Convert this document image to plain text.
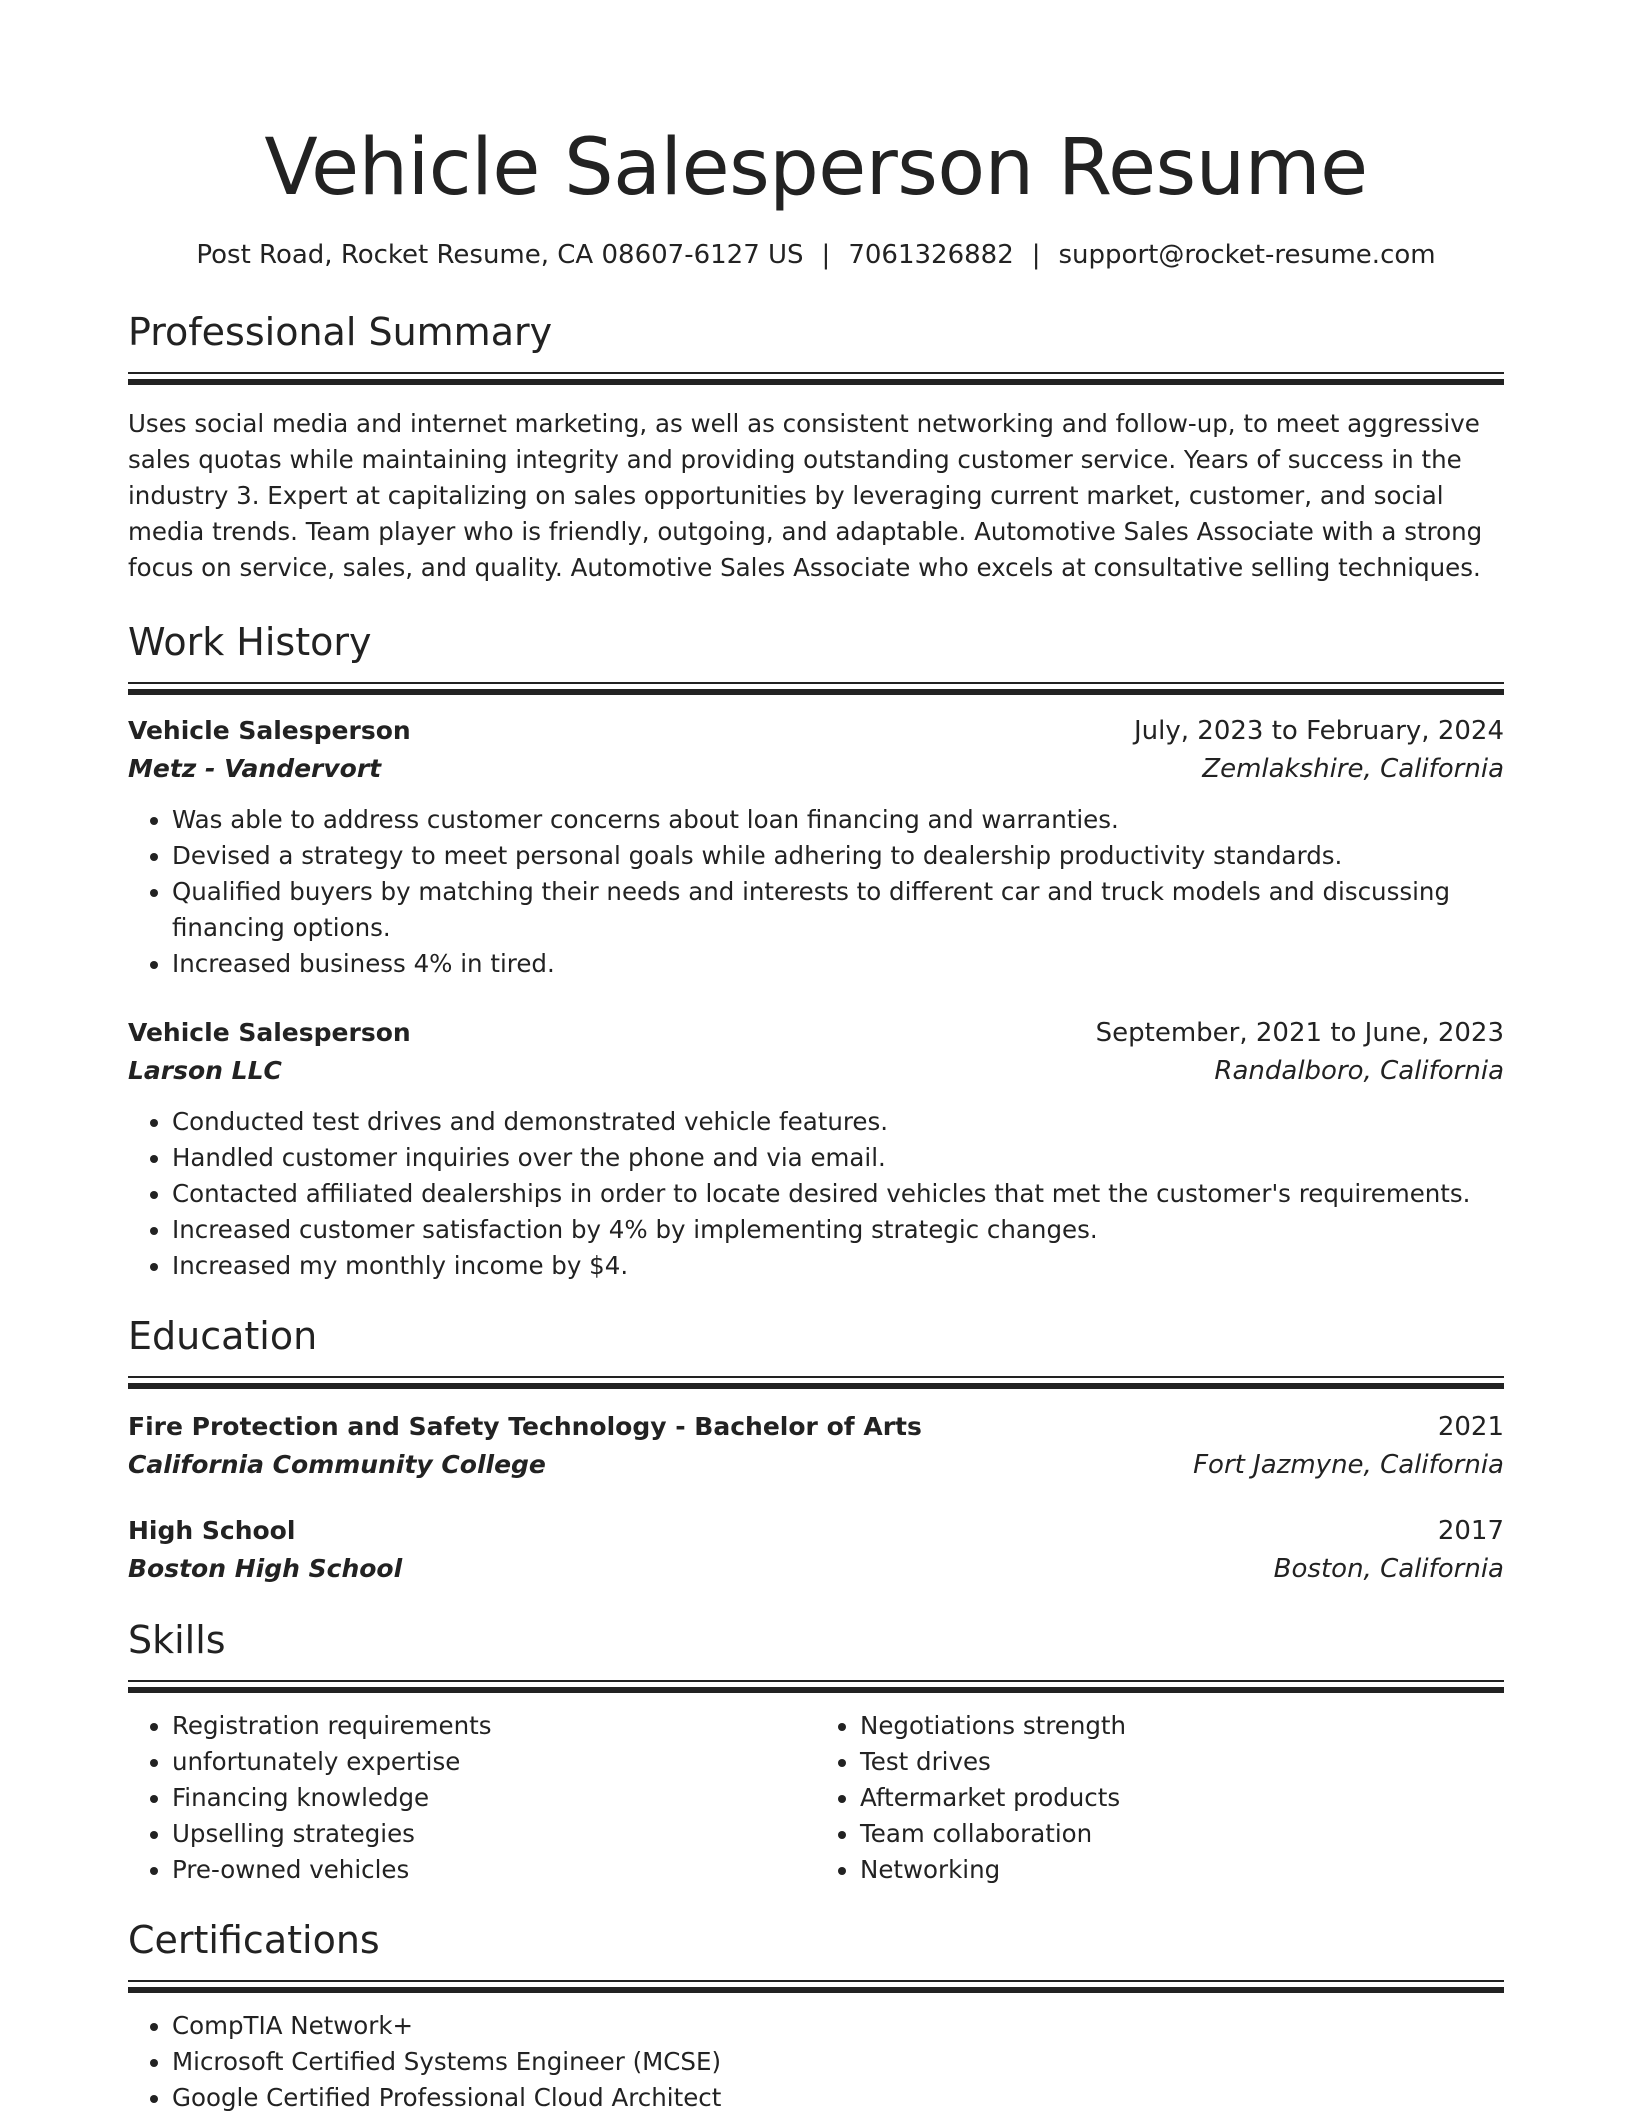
Vehicle Salesperson Resume
Post Road, Rocket Resume, CA 08607-6127 US | 7061326882 | support@rocket-resume.com
Professional Summary

Uses social media and internet marketing, as well as consistent networking and follow-up, to meet aggressive sales quotas while maintaining integrity and providing outstanding customer service. Years of success in the industry 3. Expert at capitalizing on sales opportunities by leveraging current market, customer, and social media trends. Team player who is friendly, outgoing, and adaptable. Automotive Sales Associate with a strong focus on service, sales, and quality. Automotive Sales Associate who excels at consultative selling techniques.

Work History
Vehicle Salesperson	July, 2023 to February, 2024
Metz - Vandervort	Zemlakshire, California
• Was able to address customer concerns about loan financing and warranties.
• Devised a strategy to meet personal goals while adhering to dealership productivity standards.
• Qualified buyers by matching their needs and interests to different car and truck models and discussing financing options.
• Increased business 4% in tired.
Vehicle Salesperson	September, 2021 to June, 2023
Larson LLC	Randalboro, California
• Conducted test drives and demonstrated vehicle features.
• Handled customer inquiries over the phone and via email.
• Contacted affiliated dealerships in order to locate desired vehicles that met the customer's requirements.
• Increased customer satisfaction by 4% by implementing strategic changes.
• Increased my monthly income by $4.
Education
Fire Protection and Safety Technology - Bachelor of Arts	2021
California Community College	Fort Jazmyne, California
High School	2017
Boston High School	Boston, California
Skills
• Registration requirements
• unfortunately expertise
• Financing knowledge
• Upselling strategies
• Pre-owned vehicles
• Negotiations strength
• Test drives
• Aftermarket products
• Team collaboration
• Networking
Certifications
• CompTIA Network+
• Microsoft Certified Systems Engineer (MCSE)
• Google Certified Professional Cloud Architect
